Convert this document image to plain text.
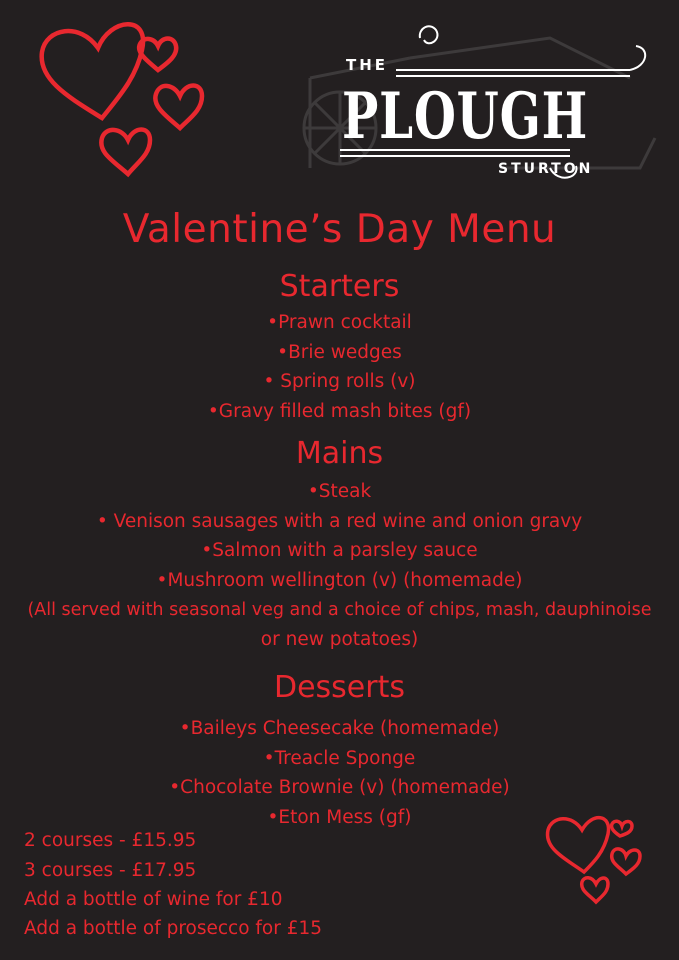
THE
PLOUGH
STURTON
Valentine’s Day Menu
Starters
•Prawn cocktail
•Brie wedges
• Spring rolls (v)
•Gravy filled mash bites (gf)
Mains
•Steak
• Venison sausages with a red wine and onion gravy
•Salmon with a parsley sauce
•Mushroom wellington (v) (homemade)
(All served with seasonal veg and a choice of chips, mash, dauphinoise
or new potatoes)
Desserts
•Baileys Cheesecake (homemade)
•Treacle Sponge
•Chocolate Brownie (v) (homemade)
•Eton Mess (gf)
2 courses - £15.95
3 courses - £17.95
Add a bottle of wine for £10
Add a bottle of prosecco for £15
